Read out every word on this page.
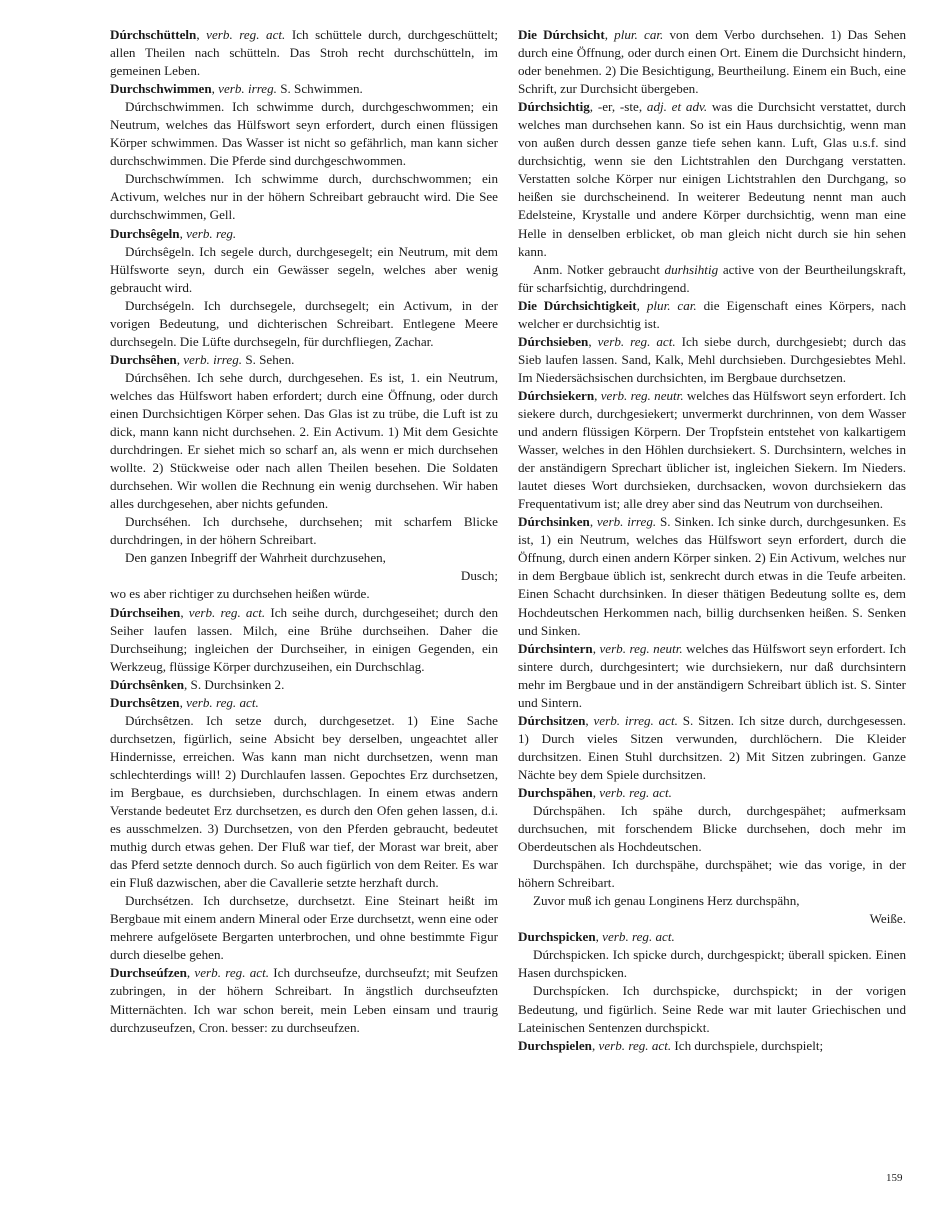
Dúrchschütteln, verb. reg. act. Ich schüttele durch, durchgeschüttelt; allen Theilen nach schütteln. Das Stroh recht durchschütteln, im gemeinen Leben.

Durchschwimmen, verb. irreg. S. Schwimmen.

Dúrchschwimmen. Ich schwimme durch, durchgeschwommen; ein Neutrum, welches das Hülfswort seyn erfordert, durch einen flüssigen Körper schwimmen. Das Wasser ist nicht so gefährlich, man kann sicher durchschwimmen. Die Pferde sind durchgeschwommen.

Durchschwímmen. Ich schwimme durch, durchschwommen; ein Activum, welches nur in der höhern Schreibart gebraucht wird. Die See durchschwimmen, Gell.

Durchsêgeln, verb. reg.

Dúrchsêgeln. Ich segele durch, durchgesegelt; ein Neutrum, mit dem Hülfsworte seyn, durch ein Gewässer segeln, welches aber wenig gebraucht wird.

Durchségeln. Ich durchsegele, durchsegelt; ein Activum, in der vorigen Bedeutung, und dichterischen Schreibart. Entlegene Meere durchsegeln. Die Lüfte durchsegeln, für durchfliegen, Zachar.

Durchsêhen, verb. irreg. S. Sehen.

Dúrchsêhen. Ich sehe durch, durchgesehen. Es ist, 1. ein Neutrum, welches das Hülfswort haben erfordert; durch eine Öffnung, oder durch einen Durchsichtigen Körper sehen. Das Glas ist zu trübe, die Luft ist zu dick, mann kann nicht durchsehen. 2. Ein Activum. 1) Mit dem Gesichte durchdringen. Er siehet mich so scharf an, als wenn er mich durchsehen wollte. 2) Stückweise oder nach allen Theilen besehen. Die Soldaten durchsehen. Wir wollen die Rechnung ein wenig durchsehen. Wir haben alles durchgesehen, aber nichts gefunden.

Durchséhen. Ich durchsehe, durchsehen; mit scharfem Blicke durchdringen, in der höhern Schreibart.

Den ganzen Inbegriff der Wahrheit durchzusehen,

Dusch;

wo es aber richtiger zu durchsehen heißen würde.

Dúrchseihen, verb. reg. act. Ich seihe durch, durchgeseihet; durch den Seiher laufen lassen. Milch, eine Brühe durchseihen. Daher die Durchseihung; ingleichen der Durchseiher, in einigen Gegenden, ein Werkzeug, flüssige Körper durchzuseihen, ein Durchschlag.

Dúrchsênken, S. Durchsinken 2.

Durchsêtzen, verb. reg. act.

Dúrchsêtzen. Ich setze durch, durchgesetzet. 1) Eine Sache durchsetzen, figürlich, seine Absicht bey derselben, ungeachtet aller Hindernisse, erreichen. Was kann man nicht durchsetzen, wenn man schlechterdings will! 2) Durchlaufen lassen. Gepochtes Erz durchsetzen, im Bergbaue, es durchsieben, durchschlagen. In einem etwas andern Verstande bedeutet Erz durchsetzen, es durch den Ofen gehen lassen, d.i. es ausschmelzen. 3) Durchsetzen, von den Pferden gebraucht, bedeutet muthig durch etwas gehen. Der Fluß war tief, der Morast war breit, aber das Pferd setzte dennoch durch. So auch figürlich von dem Reiter. Es war ein Fluß dazwischen, aber die Cavallerie setzte herzhaft durch.

Durchsétzen. Ich durchsetze, durchsetzt. Eine Steinart heißt im Bergbaue mit einem andern Mineral oder Erze durchsetzt, wenn eine oder mehrere aufgelösete Bergarten unterbrochen, und ohne bestimmte Figur durch dieselbe gehen.

Durchseúfzen, verb. reg. act. Ich durchseufze, durchseufzt; mit Seufzen zubringen, in der höhern Schreibart. In ängstlich durchseufzten Mitternächten. Ich war schon bereit, mein Leben einsam und traurig durchzuseufzen, Cron. besser: zu durchseufzen.

Die Dúrchsicht, plur. car. von dem Verbo durchsehen. 1) Das Sehen durch eine Öffnung, oder durch einen Ort. Einem die Durchsicht hindern, oder benehmen. 2) Die Besichtigung, Beurtheilung. Einem ein Buch, eine Schrift, zur Durchsicht übergeben.

Dúrchsichtig, -er, -ste, adj. et adv. was die Durchsicht verstattet, durch welches man durchsehen kann. So ist ein Haus durchsichtig, wenn man von außen durch dessen ganze tiefe sehen kann. Luft, Glas u.s.f. sind durchsichtig, wenn sie den Lichtstrahlen den Durchgang verstatten. Verstatten solche Körper nur einigen Lichtstrahlen den Durchgang, so heißen sie durchscheinend. In weiterer Bedeutung nennt man auch Edelsteine, Krystalle und andere Körper durchsichtig, wenn man eine Helle in denselben erblicket, ob man gleich nicht durch sie hin sehen kann.

Anm. Notker gebraucht durhsihtig active von der Beurtheilungskraft, für scharfsichtig, durchdringend.

Die Dúrchsichtigkeit, plur. car. die Eigenschaft eines Körpers, nach welcher er durchsichtig ist.

Dúrchsieben, verb. reg. act. Ich siebe durch, durchgesiebt; durch das Sieb laufen lassen. Sand, Kalk, Mehl durchsieben. Durchgesiebtes Mehl. Im Niedersächsischen durchsichten, im Bergbaue durchsetzen.

Dúrchsiekern, verb. reg. neutr. welches das Hülfswort seyn erfordert. Ich siekere durch, durchgesiekert; unvermerkt durchrinnen, von dem Wasser und andern flüssigen Körpern. Der Tropfstein entstehet von kalkartigem Wasser, welches in den Höhlen durchsiekert. S. Durchsintern, welches in der anständigern Sprechart üblicher ist, ingleichen Siekern. Im Nieders. lautet dieses Wort durchsieken, durchsacken, wovon durchsiekern das Frequentativum ist; alle drey aber sind das Neutrum von durchseihen.

Dúrchsinken, verb. irreg. S. Sinken. Ich sinke durch, durchgesunken. Es ist, 1) ein Neutrum, welches das Hülfswort seyn erfordert, durch die Öffnung, durch einen andern Körper sinken. 2) Ein Activum, welches nur in dem Bergbaue üblich ist, senkrecht durch etwas in die Teufe arbeiten. Einen Schacht durchsinken. In dieser thätigen Bedeutung sollte es, dem Hochdeutschen Herkommen nach, billig durchsenken heißen. S. Senken und Sinken.

Dúrchsintern, verb. reg. neutr. welches das Hülfswort seyn erfordert. Ich sintere durch, durchgesintert; wie durchsiekern, nur daß durchsintern mehr im Bergbaue und in der anständigern Schreibart üblich ist. S. Sinter und Sintern.

Dúrchsitzen, verb. irreg. act. S. Sitzen. Ich sitze durch, durchgesessen. 1) Durch vieles Sitzen verwunden, durchlöchern. Die Kleider durchsitzen. Einen Stuhl durchsitzen. 2) Mit Sitzen zubringen. Ganze Nächte bey dem Spiele durchsitzen.

Durchspähen, verb. reg. act.

Dúrchspähen. Ich spähe durch, durchgespähet; aufmerksam durchsuchen, mit forschendem Blicke durchsehen, doch mehr im Oberdeutschen als Hochdeutschen.

Durchspähen. Ich durchspähe, durchspähet; wie das vorige, in der höhern Schreibart.

Zuvor muß ich genau Longinens Herz durchspähn,

Weiße.

Durchspicken, verb. reg. act.

Dúrchspicken. Ich spicke durch, durchgespickt; überall spicken. Einen Hasen durchspicken.

Durchspícken. Ich durchspicke, durchspickt; in der vorigen Bedeutung, und figürlich. Seine Rede war mit lauter Griechischen und Lateinischen Sentenzen durchspickt.

Durchspielen, verb. reg. act. Ich durchspiele, durchspielt;

159
